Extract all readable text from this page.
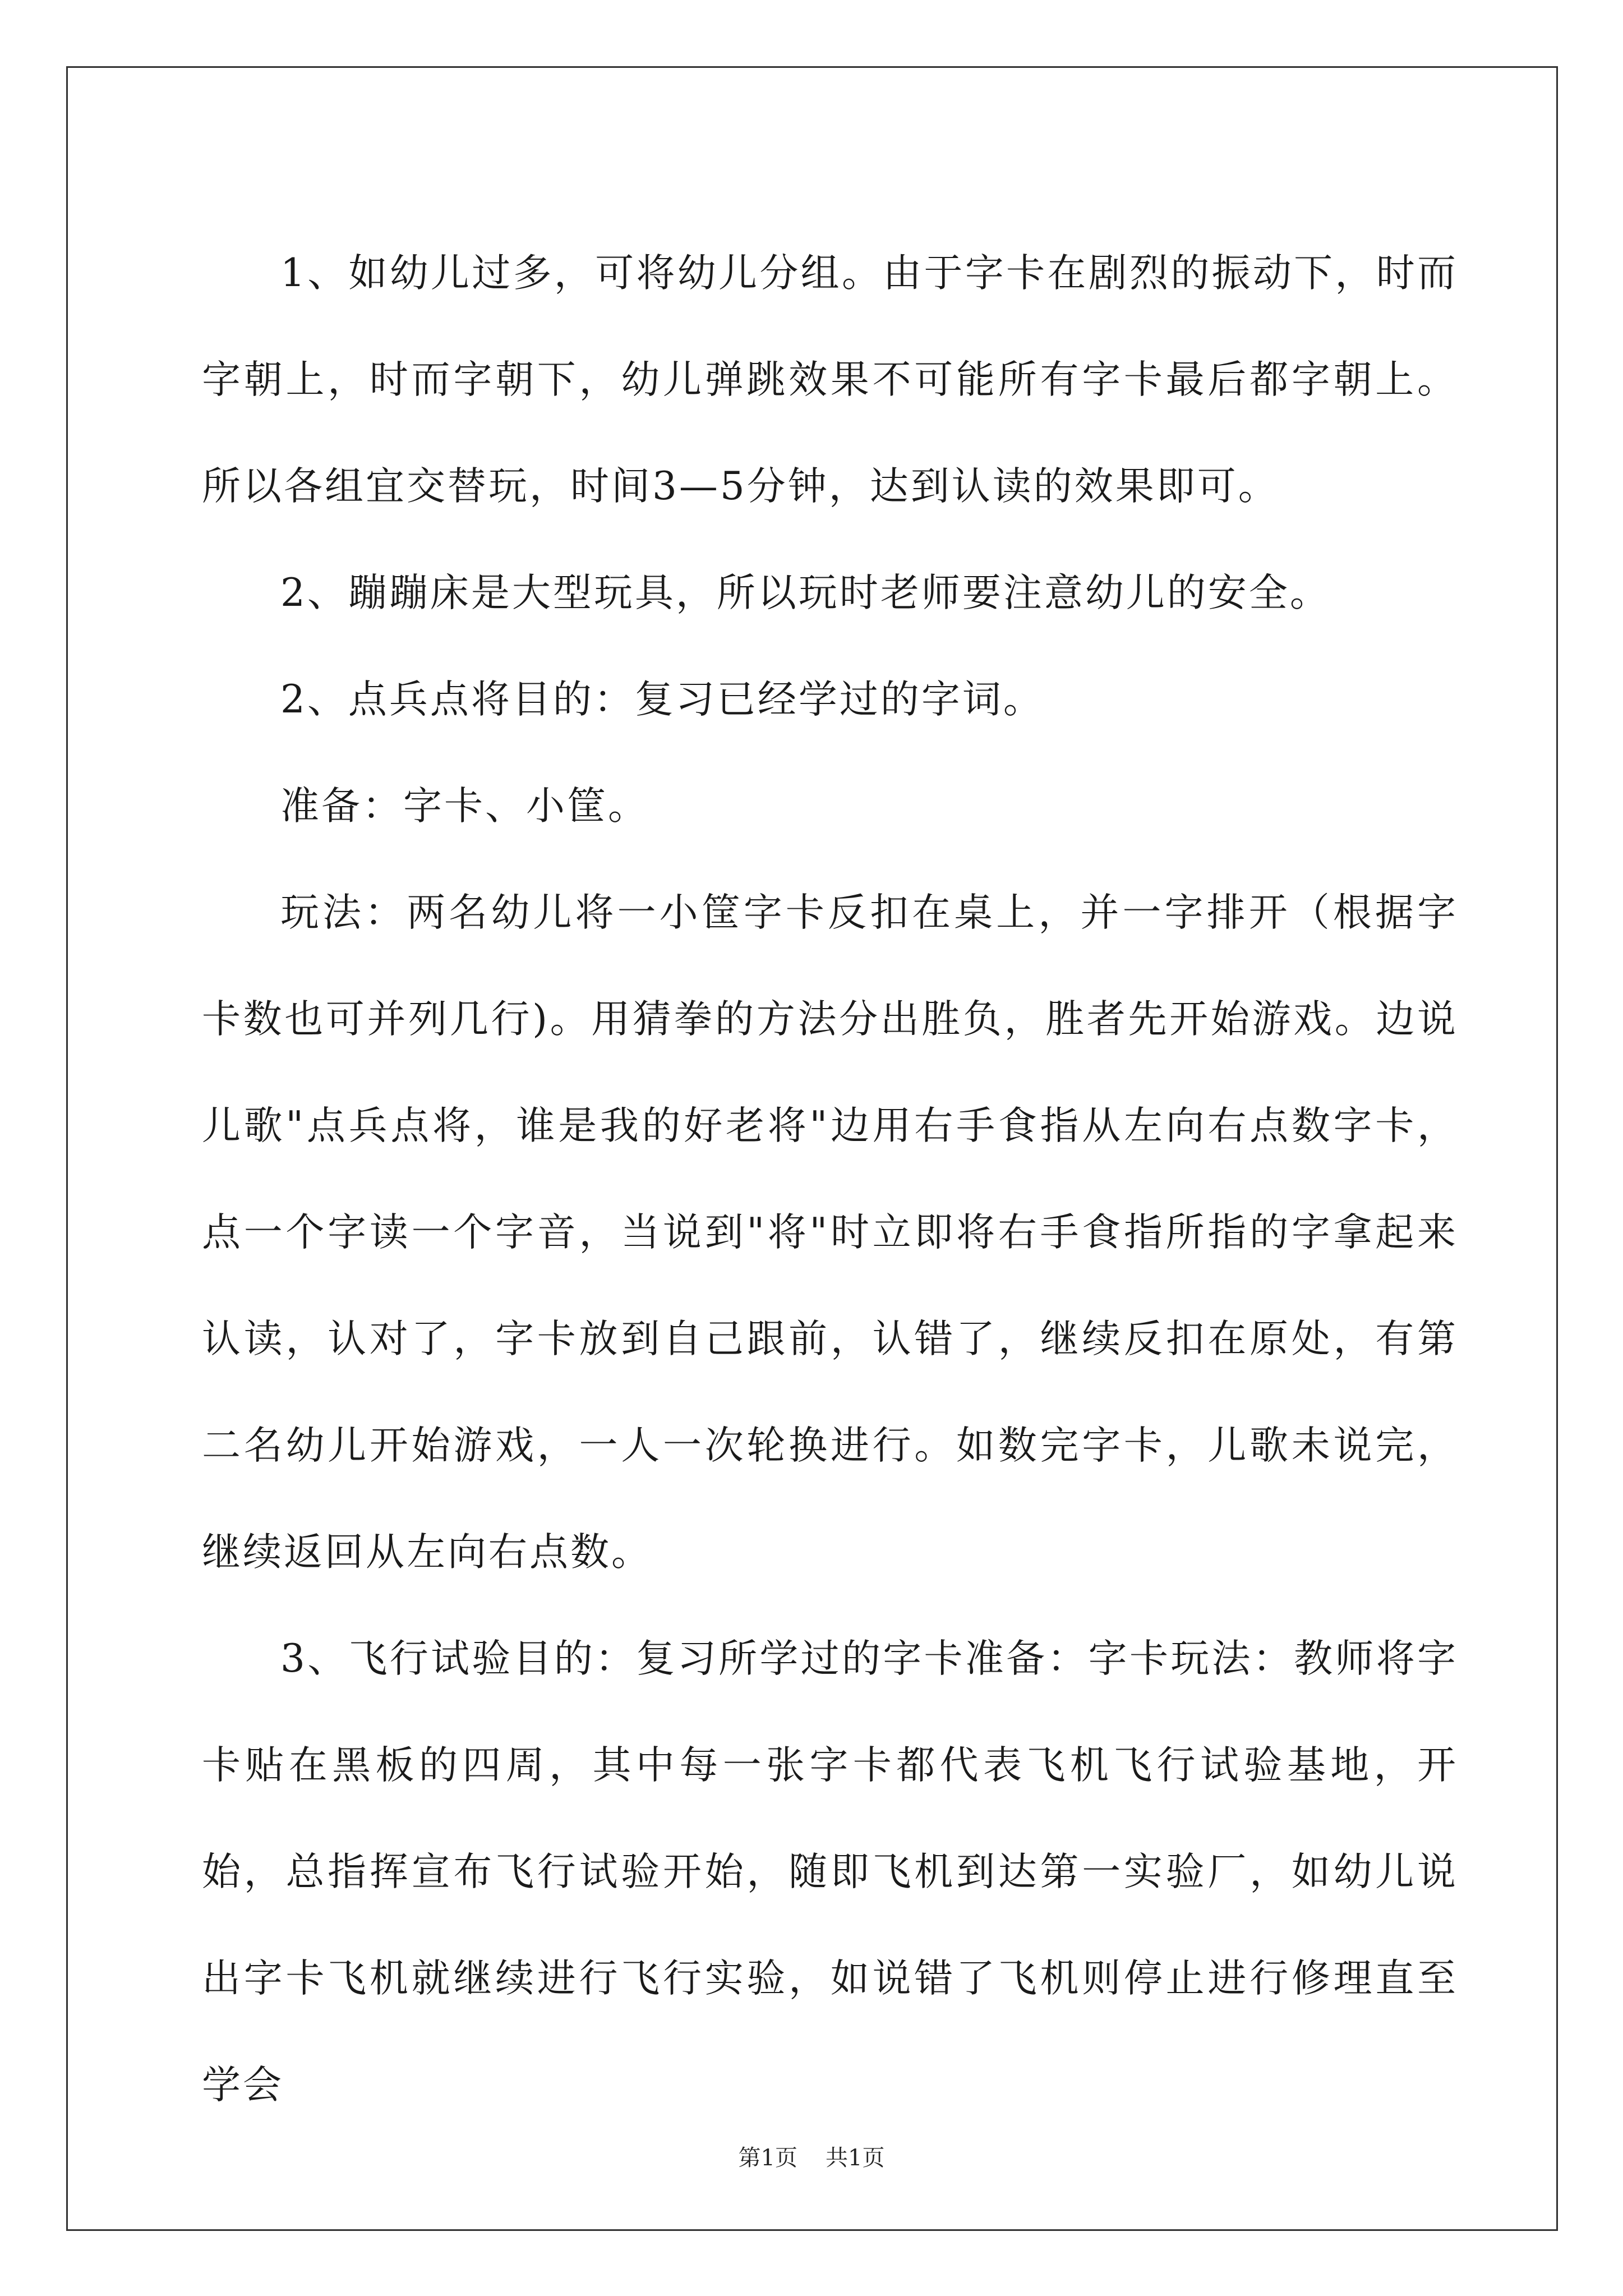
1、如幼儿过多，可将幼儿分组。由于字卡在剧烈的振动下，时而字朝上，时而字朝下，幼儿弹跳效果不可能所有字卡最后都字朝上。所以各组宜交替玩，时间3—5分钟，达到认读的效果即可。

2、蹦蹦床是大型玩具，所以玩时老师要注意幼儿的安全。

2、点兵点将目的：复习已经学过的字词。

准备：字卡、小筐。

玩法：两名幼儿将一小筐字卡反扣在桌上，并一字排开（根据字卡数也可并列几行)。用猜拳的方法分出胜负，胜者先开始游戏。边说儿歌"点兵点将，谁是我的好老将"边用右手食指从左向右点数字卡，点一个字读一个字音，当说到"将"时立即将右手食指所指的字拿起来认读，认对了，字卡放到自己跟前，认错了，继续反扣在原处，有第二名幼儿开始游戏，一人一次轮换进行。如数完字卡，儿歌未说完，继续返回从左向右点数。

3、飞行试验目的：复习所学过的字卡准备：字卡玩法：教师将字卡贴在黑板的四周，其中每一张字卡都代表飞机飞行试验基地，开始，总指挥宣布飞行试验开始，随即飞机到达第一实验厂，如幼儿说出字卡飞机就继续进行飞行实验，如说错了飞机则停止进行修理直至学会

第1页 共1页
